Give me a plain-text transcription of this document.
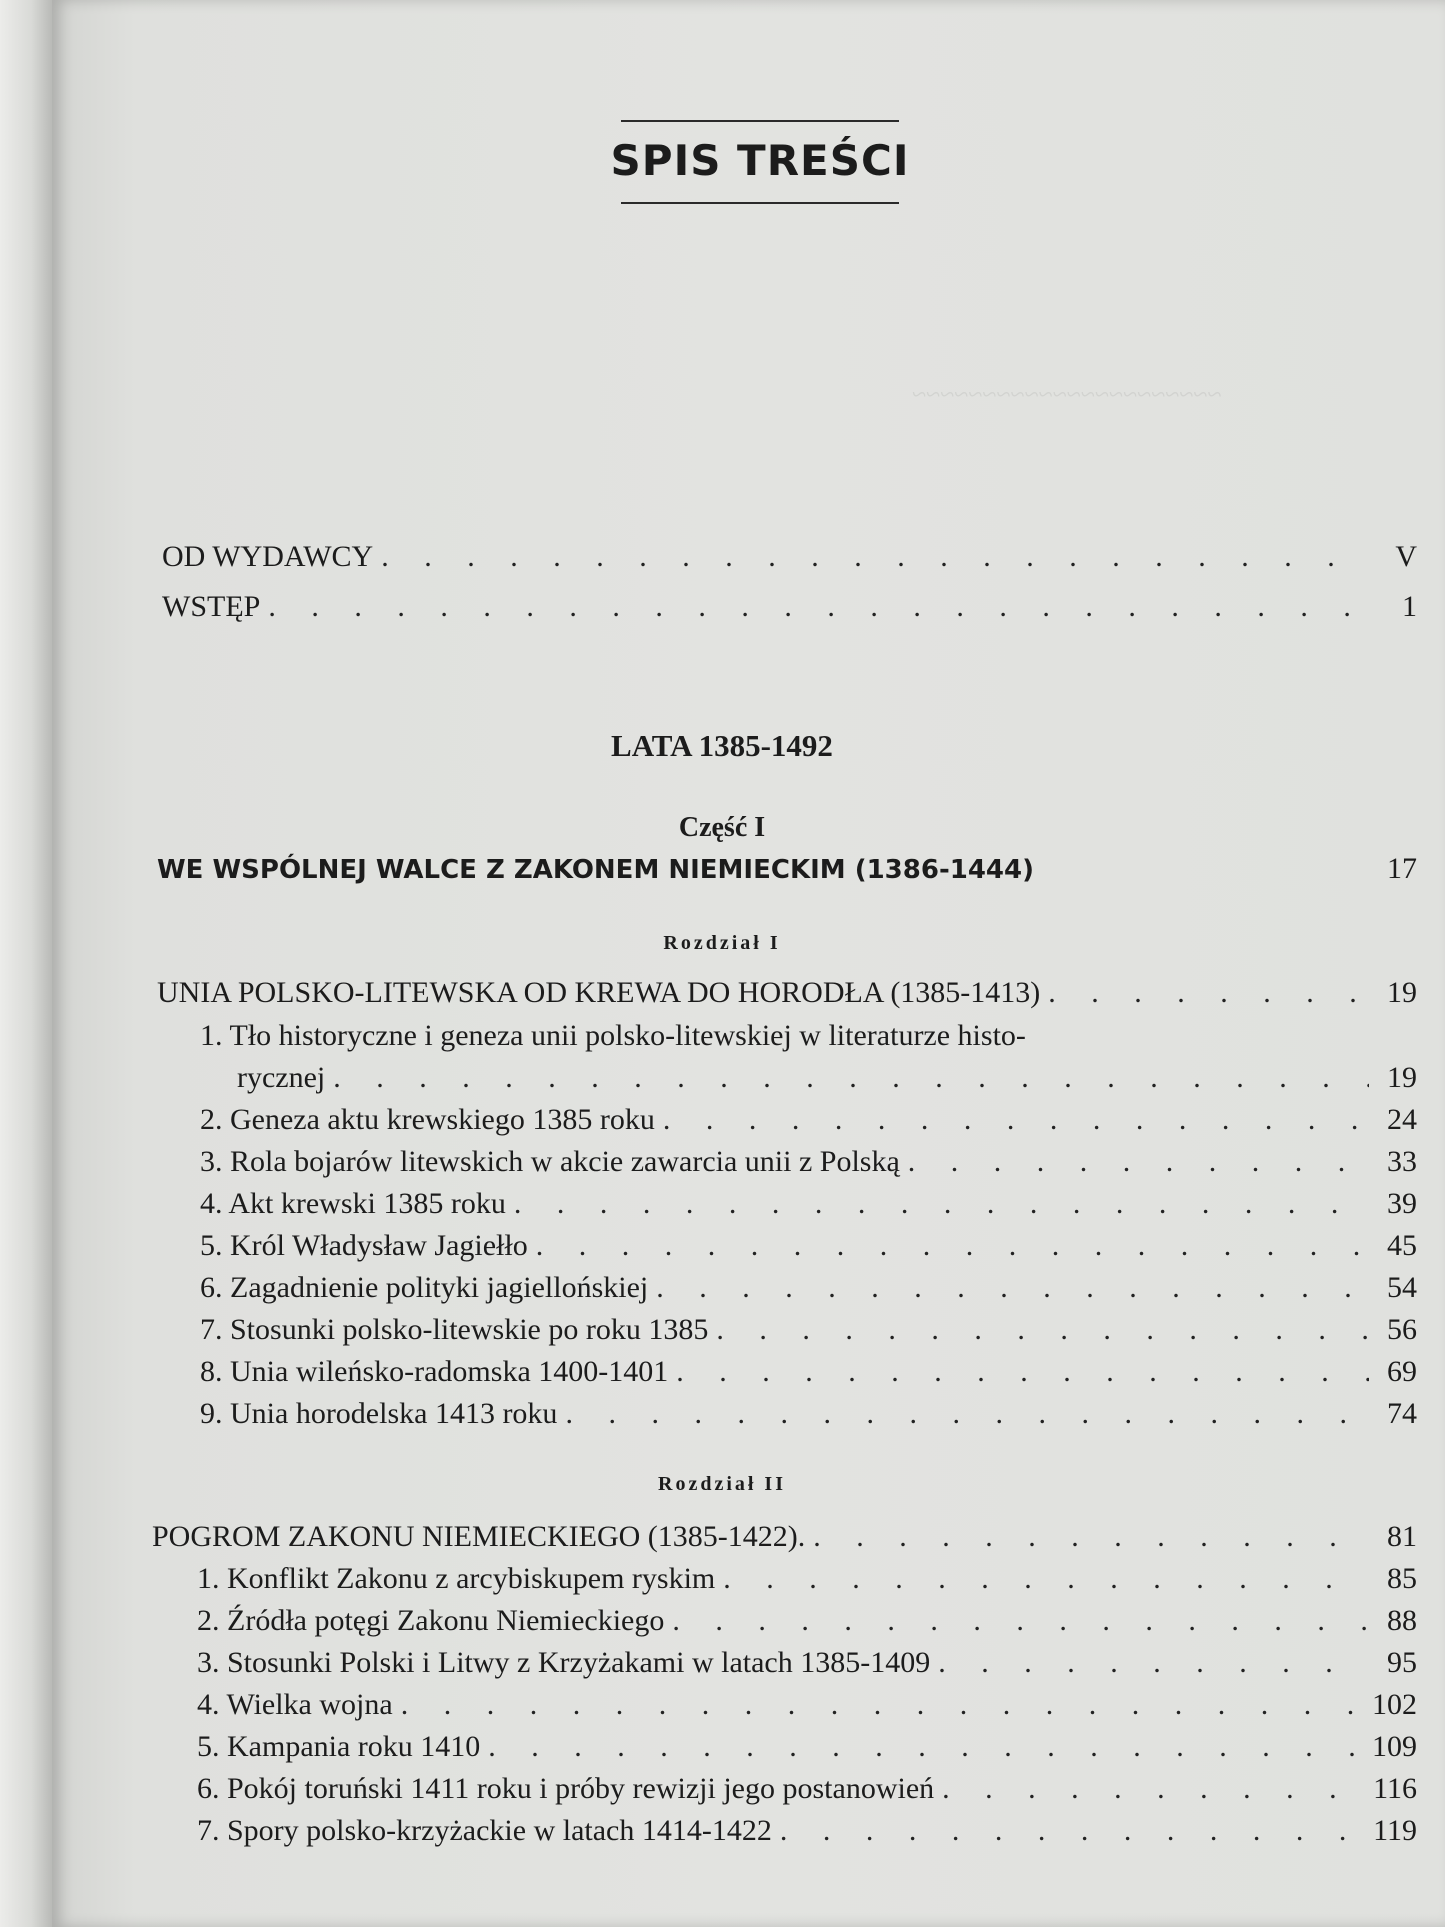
~~~~~~~~~~~~~~~~~~~~~~
SPIS TREŚCI
OD WYDAWCY . . .	V
WSTĘP . . .	1
LATA 1385-1492
Część I
WE WSPÓLNEJ WALCE Z ZAKONEM NIEMIECKIM (1386-1444)	17
Rozdział I
UNIA POLSKO-LITEWSKA OD KREWA DO HORODŁA (1385-1413) . . .	19
1. Tło historyczne i geneza unii polsko-litewskiej w literaturze histo-
rycznej . . .	19
2. Geneza aktu krewskiego 1385 roku . . .	24
3. Rola bojarów litewskich w akcie zawarcia unii z Polską . . .	33
4. Akt krewski 1385 roku . . .	39
5. Król Władysław Jagiełło . . .	45
6. Zagadnienie polityki jagiellońskiej . . .	54
7. Stosunki polsko-litewskie po roku 1385 . . .	56
8. Unia wileńsko-radomska 1400-1401 . . .	69
9. Unia horodelska 1413 roku . . .	74
Rozdział II
POGROM ZAKONU NIEMIECKIEGO (1385-1422). . . .	81
1. Konflikt Zakonu z arcybiskupem ryskim . . .	85
2. Źródła potęgi Zakonu Niemieckiego . . .	88
3. Stosunki Polski i Litwy z Krzyżakami w latach 1385-1409 . . .	95
4. Wielka wojna . . .	102
5. Kampania roku 1410 . . .	109
6. Pokój toruński 1411 roku i próby rewizji jego postanowień . . .	116
7. Spory polsko-krzyżackie w latach 1414-1422 . . .	119
